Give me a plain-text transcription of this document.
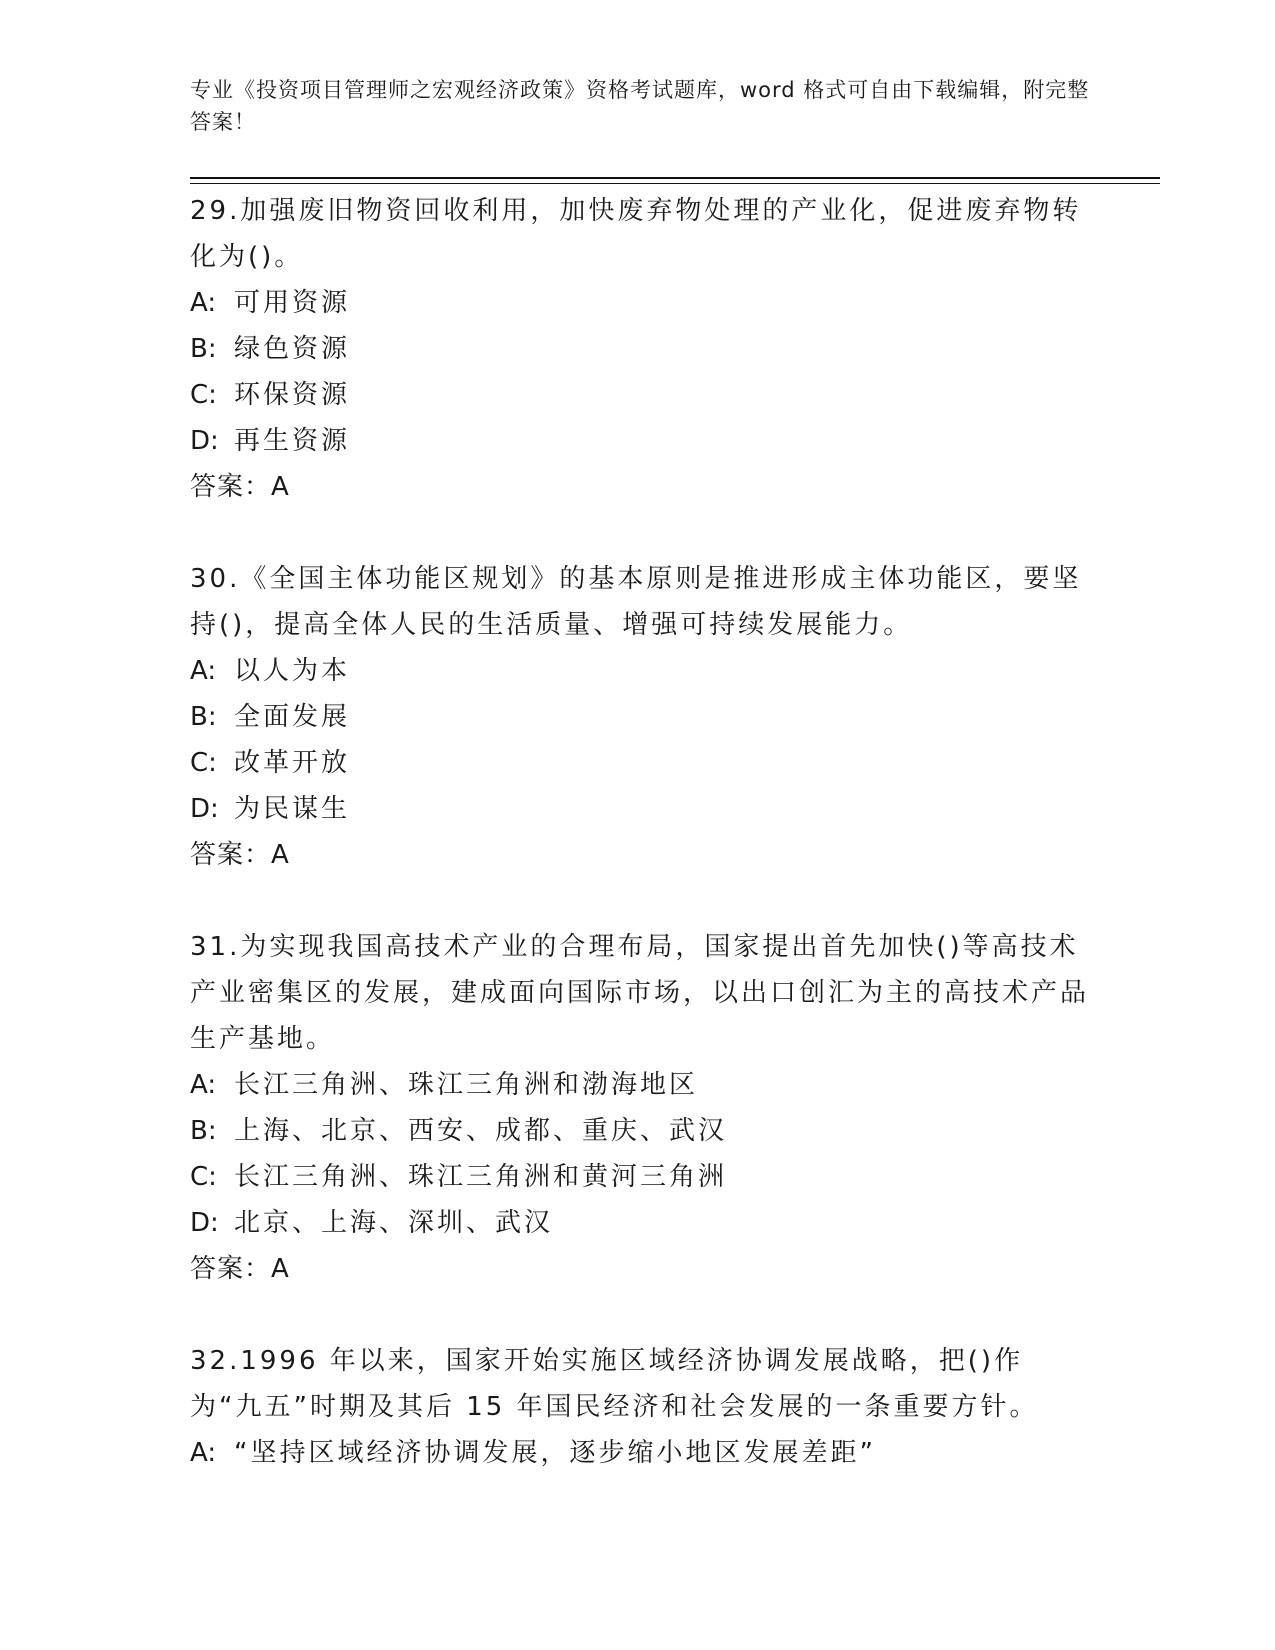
专业《投资项目管理师之宏观经济政策》资格考试题库，word 格式可自由下载编辑，附完整答案！
29.加强废旧物资回收利用，加快废弃物处理的产业化，促进废弃物转化为()。
A: 可用资源
B: 绿色资源
C: 环保资源
D: 再生资源
答案：A
30.《全国主体功能区规划》的基本原则是推进形成主体功能区，要坚持()，提高全体人民的生活质量、增强可持续发展能力。
A: 以人为本
B: 全面发展
C: 改革开放
D: 为民谋生
答案：A
31.为实现我国高技术产业的合理布局，国家提出首先加快()等高技术产业密集区的发展，建成面向国际市场，以出口创汇为主的高技术产品生产基地。
A: 长江三角洲、珠江三角洲和渤海地区
B: 上海、北京、西安、成都、重庆、武汉
C: 长江三角洲、珠江三角洲和黄河三角洲
D: 北京、上海、深圳、武汉
答案：A
32.1996 年以来，国家开始实施区域经济协调发展战略，把()作为“九五”时期及其后 15 年国民经济和社会发展的一条重要方针。
A: “坚持区域经济协调发展，逐步缩小地区发展差距”
